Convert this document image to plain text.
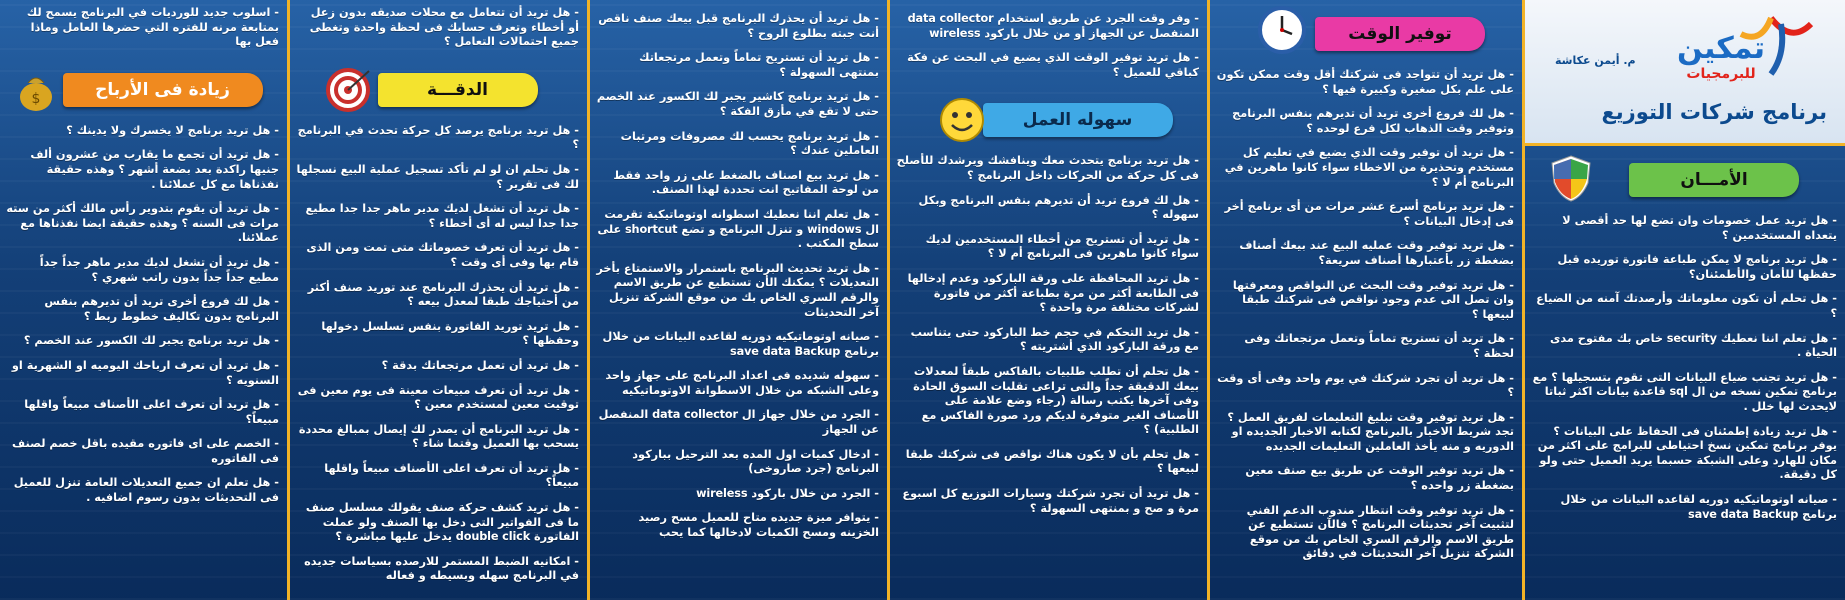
- اسلوب جديد للورديات في البرنامج يسمح لك بمتابعة مرنه للفتره التي حضرها العامل وماذا فعل بها
زيادة فى الأرباح
$
- هل تريد برنامج لا يخسرك ولا يدينك ؟
- هل تريد أن تجمع ما يقارب من عشرون ألف جنيها راكدة بعد بضعة أشهر ؟ وهذه حقيقة نفذناها مع كل عملائنا .
- هل تريد أن يقوم بتدوير رأس مالك أكثر من سته مرات فى السنه ؟ وهذه حقيقة ايضا نفذناها مع عملائنا.
- هل تريد أن تشغل لديك مدير ماهر جداً جداً مطيع جداً جداً بدون راتب شهري ؟
- هل لك فروع أخرى تريد أن تديرهم بنفس البرنامج بدون تكاليف خطوط ربط ؟
- هل تريد برنامج يجبر لك الكسور عند الخصم ؟
- هل تريد أن تعرف ارباحك اليوميه او الشهرية او السنويه ؟
- هل تريد أن تعرف اعلى الأصناف مبيعاً واقلها مبيعاً؟
- الخصم على اى فاتوره مقيده باقل خصم لصنف فى الفاتوره
- هل تعلم ان جميع التعديلات العامة تنزل للعميل فى التحديثات بدون رسوم اضافيه .
- هل تريد أن تتعامل مع محلات صديقه بدون زعل أو أخطاء وتعرف حسابك فى لحظة واحدة وتغطى جميع احتمالات التعامل ؟
الدقـــة
- هل تريد برنامج يرصد كل حركة تحدث في البرنامج ؟
- هل تحلم ان لو لم تأكد تسجيل عملية البيع نسجلها لك فى تقرير ؟
- هل تريد أن تشغل لديك مدير ماهر جدا جدا مطيع جدا جدا ليس له أى أخطاء ؟
- هل تريد أن تعرف خصوماتك متى تمت ومن الذى قام بها وفى أى وقت ؟
- هل تريد أن يحذرك البرنامج عند توريد صنف أكثر من أحتياجك طبقا لمعدل بيعه ؟
- هل تريد توريد الفاتورة بنفس تسلسل دخولها وحفظها ؟
- هل تريد أن تعمل مرتجعاتك بدقة ؟
- هل تريد أن تعرف مبيعات معينة فى يوم معين فى توقيت معين لمستخدم معين ؟
- هل تريد البرنامج أن يصدر لك إيصال بمبالغ محددة يسحب بها العميل وقتما شاء ؟
- هل تريد أن تعرف اعلى الأصناف مبيعاً واقلها مبيعاً؟
- هل تريد كشف حركة صنف يقولك مسلسل صنف ما فى الفواتير التى دخل بها الصنف ولو عملت الفاتورة double click يدخل عليها مباشرة ؟
- امكانيه الضبط المستمر للارصده بسياسات جديده في البرنامج سهله وبسيطه و فعاله
- هل تريد أن يحذرك البرنامج قبل بيعك صنف ناقص أنت جبته بطلوع الروح ؟
- هل تريد أن تستريح تماماً وتعمل مرتجعاتك بمنتهى السهولة ؟
- هل تريد برنامج كاشير يجبر لك الكسور عند الخصم حتى لا تقع في مأزق الفكة ؟
- هل تريد برنامج يحسب لك مصروفات ومرتبات العاملين عندك ؟
- هل تريد بيع اصناف بالضغط على زر واحد فقط من لوحة المفاتيح انت تحددة لهذا الصنف.
- هل تعلم اننا نعطيك اسطوانه اوتوماتيكية تقرمت ال windows و تنزل البرنامج و تضع shortcut على سطح المكتب .
- هل تريد تحديث البرنامج باستمرار والاستمتاع بأخر التعديلات ؟ يمكنك الأن تستطيع عن طريق الاسم والرقم السري الخاص بك من موقع الشركة تنزيل آخر التحديثات
- صيانه اوتوماتيكيه دوريه لقاعده البيانات من خلال برنامج save data Backup
- سهوله شديده فى اعداد البرنامج على جهاز واحد وعلى الشبكه من خلال الاسطوانة الاوتوماتيكيه
- الجرد من خلال جهاز ال data collector المنفصل عن الجهاز
- ادخال كميات اول المده بعد الترحيل بباركود البرنامج (جرد صاروخى)
- الجرد من خلال باركود wireless
- يتوافر ميزة جديده متاح للعميل مسح رصيد الخزينه ومسح الكميات لادخالها كما يحب
- وفر وقت الجرد عن طريق استخدام data collector المنفصل عن الجهاز أو من خلال باركود wireless
- هل تريد توفير الوقت الذي يضيع في البحث عن فكة كباقي للعميل ؟
سهوله العمل
- هل تريد برنامج يتحدث معك وينافشك ويرشدك للأصلح فى كل حركة من الحركات داخل البرنامج ؟
- هل لك فروع تريد أن تديرهم بنفس البرنامج وبكل سهوله ؟
- هل تريد أن تستريح من أخطاء المستخدمين لديك سواء كانوا ماهرين فى البرنامج أم لا ؟
- هل تريد المحافظة على ورقة الباركود وعدم إدخالها فى الطابعة أكثر من مرة بطباعة أكثر من فاتورة لشركات مختلفة مرة واحدة ؟
- هل تريد التحكم في حجم خط الباركود حتى يتناسب مع ورقة الباركود الذي أشتريته ؟
- هل تحلم أن تطلب طلبيات بالفاكس طبقاً لمعدلات بيعك الدقيقة جداً والتى تراعى تقلبات السوق الحادة وفى آخرها يكتب رسالة (رجاء وضع علامة على الأصناف الغير متوفرة لديكم ورد صورة الفاكس مع الطلبية) ؟
- هل تحلم بأن لا يكون هناك نواقص فى شركتك طبقا لبيعها ؟
- هل تريد أن تجرد شركتك وسيارات التوزيع كل اسبوع مرة و صح و بمنتهى السهولة ؟
توفير الوقت
- هل تريد أن تتواجد فى شركتك أقل وقت ممكن تكون على علم بكل صغيرة وكبيرة فيها ؟
- هل لك فروع أخرى تريد أن تديرهم بنفس البرنامج وتوفير وقت الذهاب لكل فرع لوحده ؟
- هل تريد أن توفير وقت الذي يضيع في تعليم كل مستخدم وتحذيرة من الاخطاء سواء كانوا ماهرين في البرنامج أم لا ؟
- هل تريد برنامج أسرع عشر مرات من أى برنامج أخر فى إدخال البيانات ؟
- هل تريد توفير وقت عمليه البيع عند بيعك أصناف بضغطة زر بأعتبارها أصناف سريعة؟
- هل تريد توفير وقت البحث عن النواقص ومعرفتها وان تصل الى عدم وجود نواقص فى شركتك طبقا لبيعها ؟
- هل تريد أن تستريح تماماً وتعمل مرتجعاتك وفى لحظة ؟
- هل تريد أن تجرد شركتك في يوم واحد وفى أى وقت ؟
- هل تريد توفير وقت تبليغ التعليمات لفريق العمل ؟ تجد شريط الاخبار بالبرنامج لكتابه الاخبار الجديده او الدوريه و منه يأخذ العاملين التعليمات الجديده
- هل تريد توفير الوقت عن طريق بيع صنف معين بضغطة زر واحده ؟
- هل تريد توفير وقت انتظار مندوب الدعم الفني لتثبيت آخر تحديثات البرنامج ؟ فالآن تستطيع عن طريق الاسم والرقم السري الخاص بك من موقع الشركة تنزيل آخر التحديثات في دقائق
تمكين
للبرمجيات
م. أيمن عكاشة
برنامج شركات التوزيع
الأمـــان
- هل تريد عمل خصومات وان تضع لها حد أقصى لا يتعداه المستخدمين ؟
- هل تريد برنامج لا يمكن طباعة فاتورة توريده قبل حفظها للأمان والأطمئنان؟
- هل تحلم أن تكون معلوماتك وأرصدتك آمنه من الضياع ؟
- هل تعلم اننا نعطيك security خاص بك مفتوح مدى الحياة .
- هل تريد تجنب ضياع البيانات التى تقوم بتسجيلها ؟ مع برنامج تمكين نسخه من ال sql قاعدة بيانات اكثر ثباتا لايحدث لها خلل .
- هل تريد زيادة إطمئنان فى الحفاظ على البيانات ؟ يوفر برنامج تمكين نسخ احتياطى للبرامج على اكثر من مكان للهارد وعلى الشبكة حسبما يريد العميل حتى ولو كل دقيقة.
- صيانه اوتوماتيكيه دوريه لقاعده البيانات من خلال برنامج save data Backup
